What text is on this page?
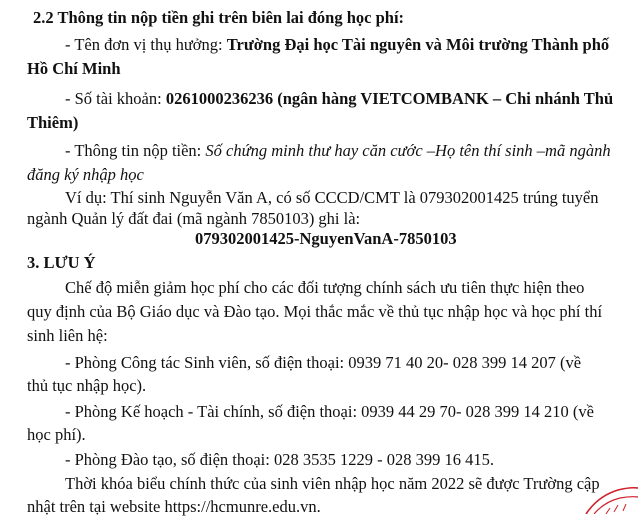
2.2 Thông tin nộp tiền ghi trên biên lai đóng học phí:
- Tên đơn vị thụ hưởng: Trường Đại học Tài nguyên và Môi trường Thành phố
Hồ Chí Minh
- Số tài khoản: 0261000236236 (ngân hàng VIETCOMBANK – Chi nhánh Thủ
Thiêm)
- Thông tin nộp tiền: Số chứng minh thư hay căn cước –Họ tên thí sinh –mã ngành
đăng ký nhập học
Ví dụ: Thí sinh Nguyễn Văn A, có số CCCD/CMT là 079302001425 trúng tuyển
ngành Quản lý đất đai (mã ngành 7850103) ghi là:
079302001425-NguyenVanA-7850103
3. LƯU Ý
Chế độ miễn giảm học phí cho các đối tượng chính sách ưu tiên thực hiện theo
quy định của Bộ Giáo dục và Đào tạo. Mọi thắc mắc về thủ tục nhập học và học phí thí
sinh liên hệ:
- Phòng Công tác Sinh viên, số điện thoại: 0939 71 40 20- 028 399 14 207 (về
thủ tục nhập học).
- Phòng Kế hoạch - Tài chính, số điện thoại: 0939 44 29 70- 028 399 14 210 (về
học phí).
- Phòng Đào tạo, số điện thoại: 028 3535 1229 - 028 399 16 415.
Thời khóa biểu chính thức của sinh viên nhập học năm 2022 sẽ được Trường cập
nhật trên tại website https://hcmunre.edu.vn.
